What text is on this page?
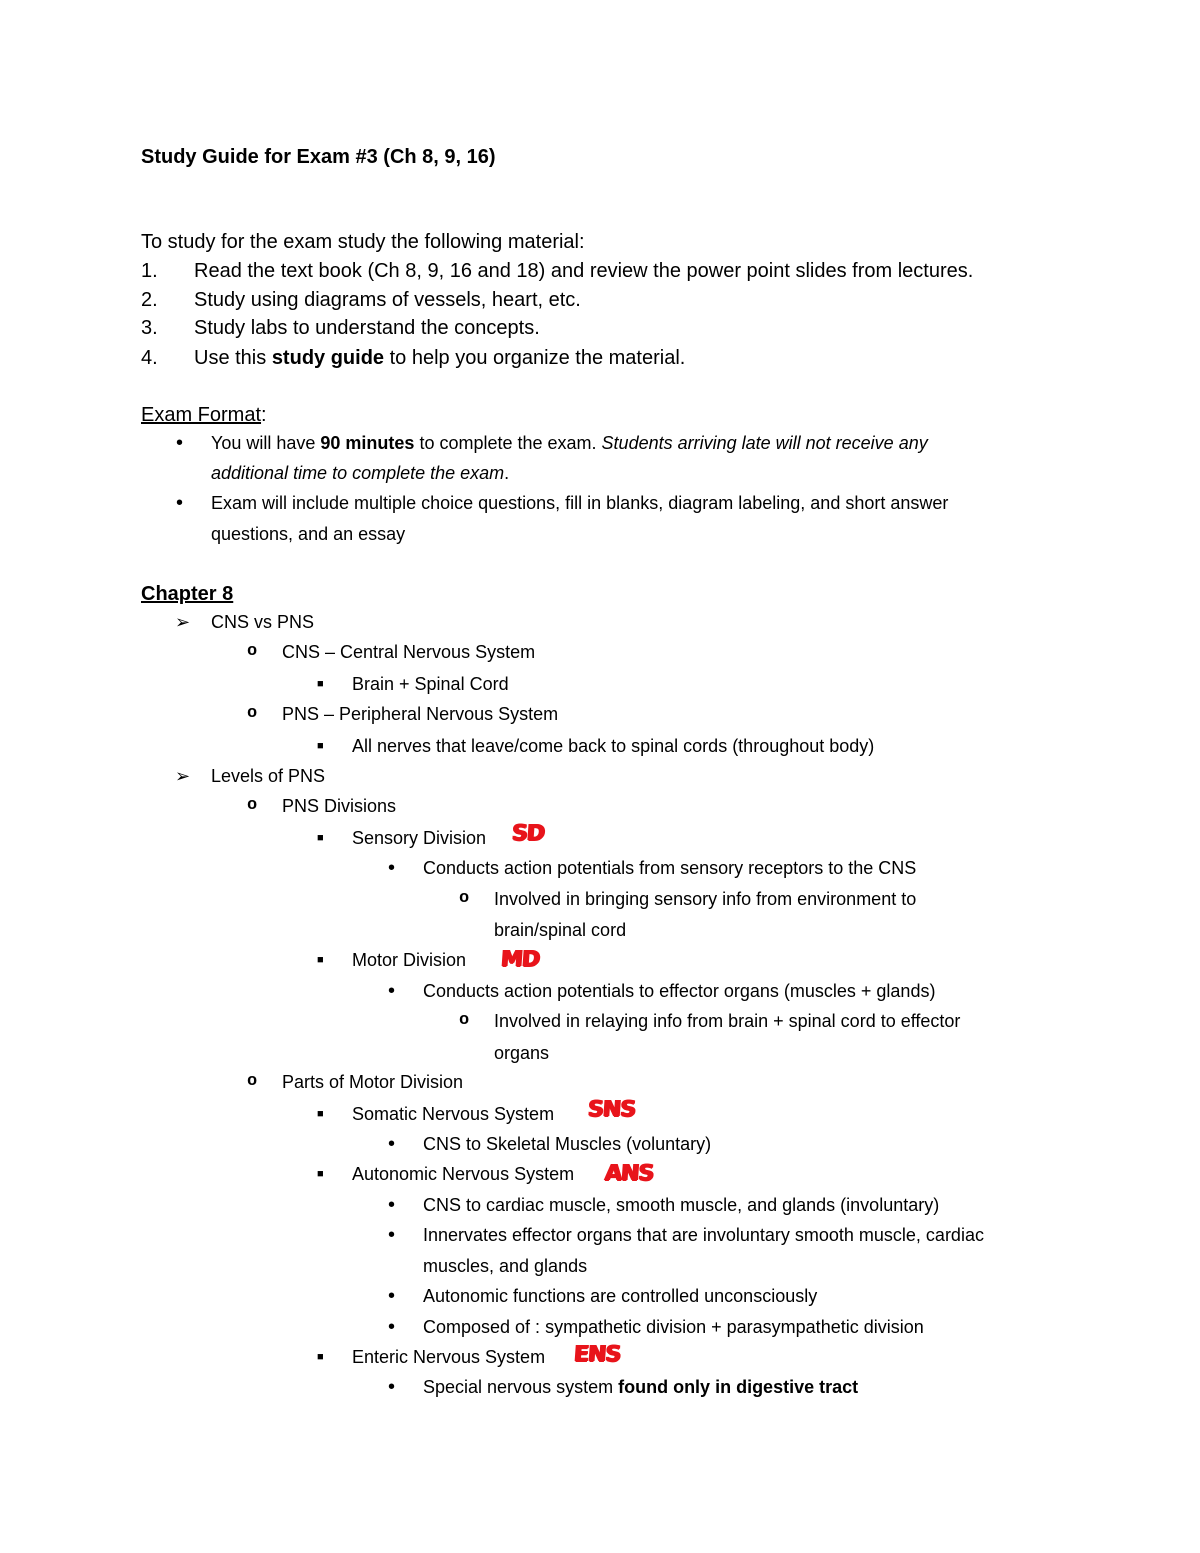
Study Guide for Exam #3 (Ch 8, 9, 16)
To study for the exam study the following material:
1. Read the text book (Ch 8, 9, 16 and 18) and review the power point slides from lectures.
2. Study using diagrams of vessels, heart, etc.
3. Study labs to understand the concepts.
4. Use this study guide to help you organize the material.
Exam Format:
• You will have 90 minutes to complete the exam. Students arriving late will not receive any
additional time to complete the exam.
• Exam will include multiple choice questions, fill in blanks, diagram labeling, and short answer
questions, and an essay
Chapter 8
➢ CNS vs PNS
o CNS – Central Nervous System
■ Brain + Spinal Cord
o PNS – Peripheral Nervous System
■ All nerves that leave/come back to spinal cords (throughout body)
➢ Levels of PNS
o PNS Divisions
■ Sensory Division SD
• Conducts action potentials from sensory receptors to the CNS
o Involved in bringing sensory info from environment to
brain/spinal cord
■ Motor Division MD
• Conducts action potentials to effector organs (muscles + glands)
o Involved in relaying info from brain + spinal cord to effector
organs
o Parts of Motor Division
■ Somatic Nervous System SNS
• CNS to Skeletal Muscles (voluntary)
■ Autonomic Nervous System ANS
• CNS to cardiac muscle, smooth muscle, and glands (involuntary)
• Innervates effector organs that are involuntary smooth muscle, cardiac
muscles, and glands
• Autonomic functions are controlled unconsciously
• Composed of : sympathetic division + parasympathetic division
■ Enteric Nervous System ENS
• Special nervous system found only in digestive tract
